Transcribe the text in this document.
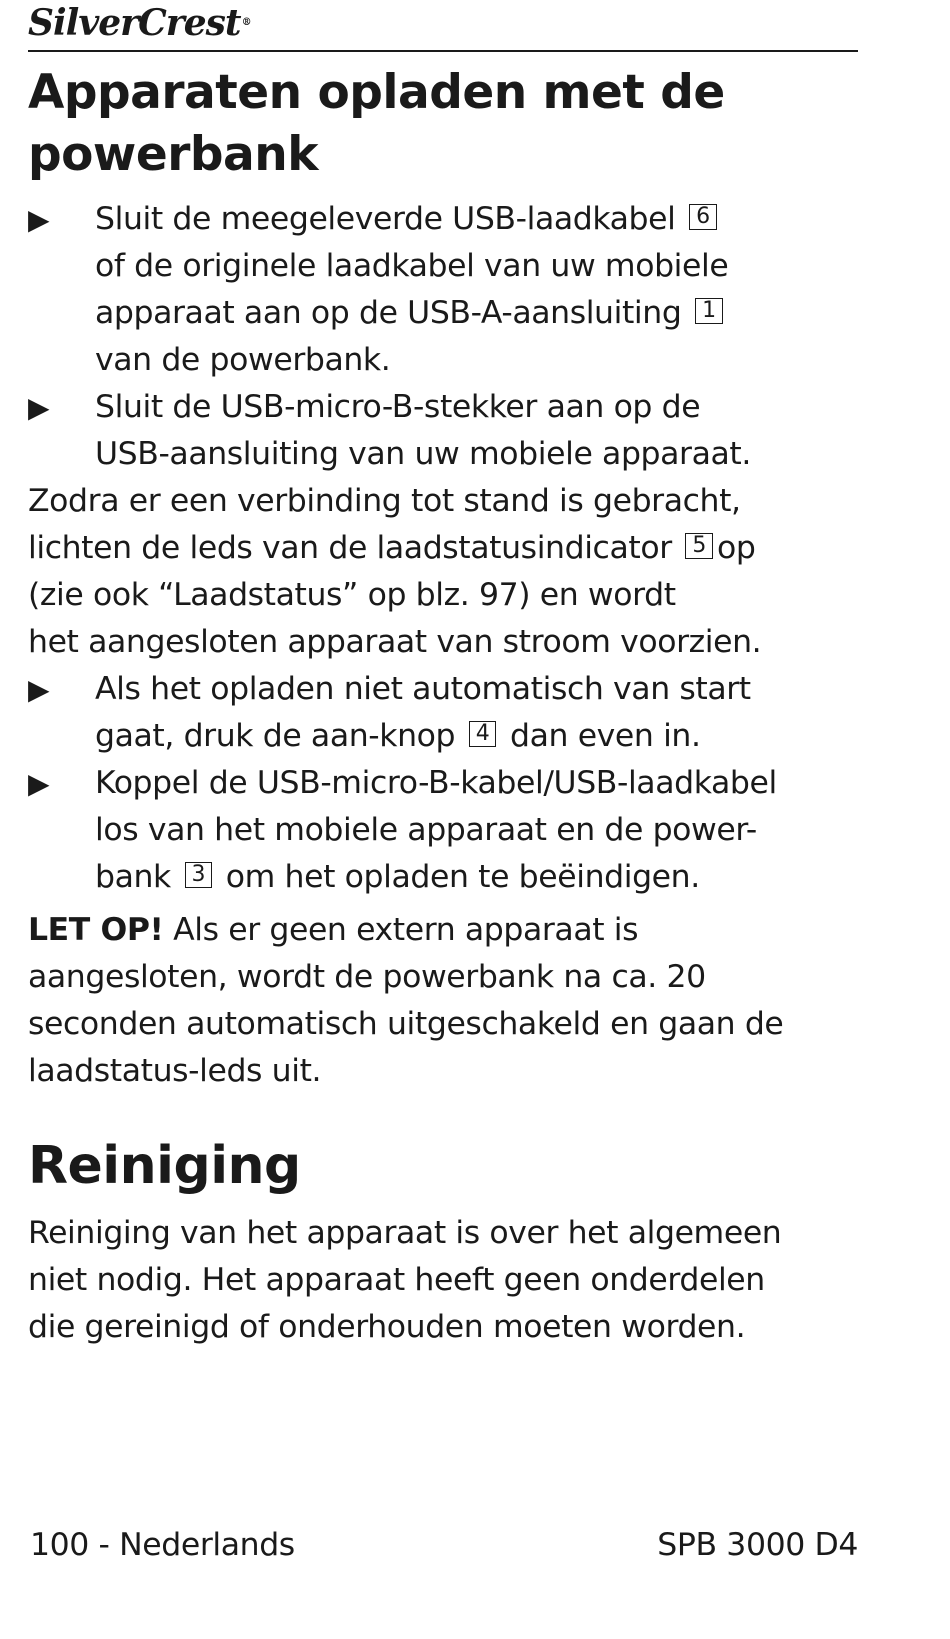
SilverCrest®
Apparaten opladen met de
powerbank
▶ Sluit de meegeleverde USB-laadkabel 6
of de originele laadkabel van uw mobiele
apparaat aan op de USB-A-aansluiting 1
van de powerbank.
▶ Sluit de USB-micro-B-stekker aan op de
USB-aansluiting van uw mobiele apparaat.
Zodra er een verbinding tot stand is gebracht,
lichten de leds van de laadstatusindicator 5 op
(zie ook “Laadstatus” op blz. 97) en wordt
het aangesloten apparaat van stroom voorzien.
▶ Als het opladen niet automatisch van start
gaat, druk de aan-knop 4 dan even in.
▶ Koppel de USB-micro-B-kabel/USB-laadkabel
los van het mobiele apparaat en de power-
bank 3 om het opladen te beëindigen.
LET OP! Als er geen extern apparaat is
aangesloten, wordt de powerbank na ca. 20
seconden automatisch uitgeschakeld en gaan de
laadstatus-leds uit.
Reiniging
Reiniging van het apparaat is over het algemeen
niet nodig. Het apparaat heeft geen onderdelen
die gereinigd of onderhouden moeten worden.
100 - Nederlands	SPB 3000 D4
